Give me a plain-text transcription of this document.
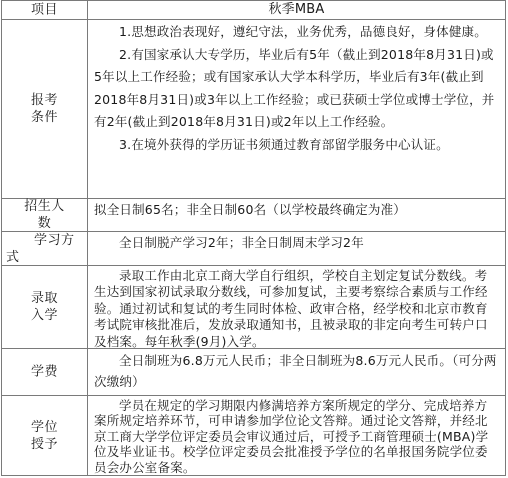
项目	秋季MBA
报考
条件
1.思想政治表现好，遵纪守法，业务优秀，品德良好，身体健康。
2.有国家承认大专学历，毕业后有5年（截止到2018年8月31日)或5年以上工作经验；或有国家承认大学本科学历，毕业后有3年(截止到2018年8月31日)或3年以上工作经验；或已获硕士学位或博士学位，并有2年(截止到2018年8月31日)或2年以上工作经验。
3.在境外获得的学历证书须通过教育部留学服务中心认证。
招生人
数
拟全日制65名；非全日制60名（以学校最终确定为准）
学习方
式
全日制脱产学习2年；非全日制周末学习2年
录取
入学
录取工作由北京工商大学自行组织，学校自主划定复试分数线。考生达到国家初试录取分数线，可参加复试，主要考察综合素质与工作经验。通过初试和复试的考生同时体检、政审合格，经学校和北京市教育考试院审核批准后，发放录取通知书，且被录取的非定向考生可转户口及档案。每年秋季(9月)入学。
学费
全日制班为6.8万元人民币；非全日制班为8.6万元人民币。（可分两次缴纳）
学位
授予
学员在规定的学习期限内修满培养方案所规定的学分、完成培养方案所规定培养环节，可申请参加学位论文答辩。通过论文答辩，并经北京工商大学学位评定委员会审议通过后，可授予工商管理硕士(MBA)学位及毕业证书。校学位评定委员会批准授予学位的名单报国务院学位委员会办公室备案。
